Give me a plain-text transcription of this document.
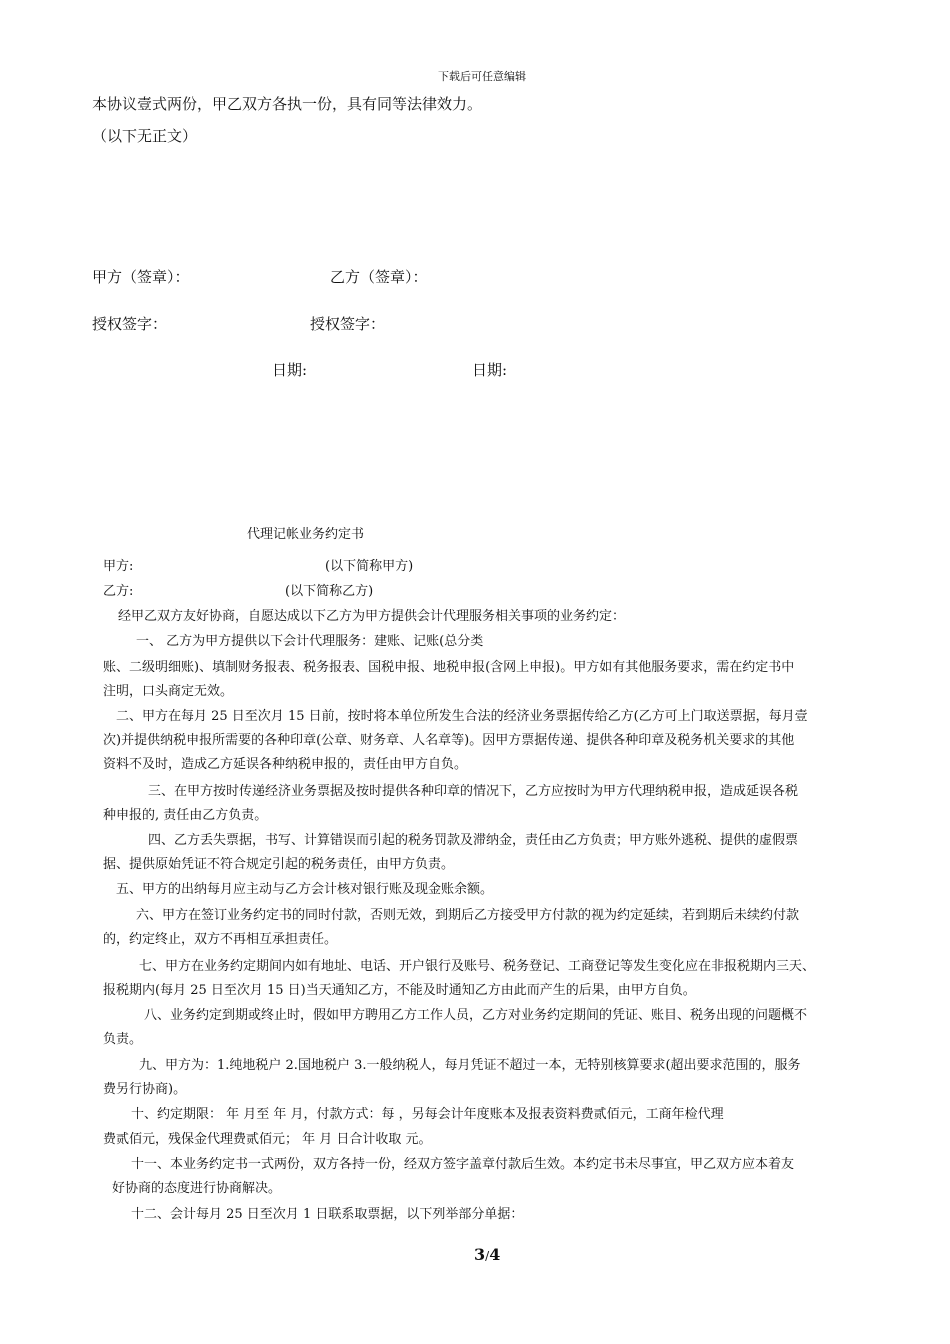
下载后可任意编辑
本协议壹式两份，甲乙双方各执一份，具有同等法律效力。
（以下无正文）
甲方（签章）：	乙方（签章）：
授权签字：	授权签字：
日期:	日期:
代理记帐业务约定书
甲方:	(以下简称甲方)
乙方:	(以下简称乙方)
经甲乙双方友好协商，自愿达成以下乙方为甲方提供会计代理服务相关事项的业务约定：
一、 乙方为甲方提供以下会计代理服务：建账、记账(总分类
账、二级明细账)、填制财务报表、税务报表、国税申报、地税申报(含网上申报)。甲方如有其他服务要求，需在约定书中
注明，口头商定无效。
二、甲方在每月 25 日至次月 15 日前，按时将本单位所发生合法的经济业务票据传给乙方(乙方可上门取送票据，每月壹
次)并提供纳税申报所需要的各种印章(公章、财务章、人名章等)。因甲方票据传递、提供各种印章及税务机关要求的其他
资料不及时，造成乙方延误各种纳税申报的，责任由甲方自负。
三、在甲方按时传递经济业务票据及按时提供各种印章的情况下，乙方应按时为甲方代理纳税申报，造成延误各税
种申报的, 责任由乙方负责。
四、乙方丢失票据，书写、计算错误而引起的税务罚款及滞纳金，责任由乙方负责；甲方账外逃税、提供的虚假票
据、提供原始凭证不符合规定引起的税务责任，由甲方负责。
五、甲方的出纳每月应主动与乙方会计核对银行账及现金账余额。
六、甲方在签订业务约定书的同时付款，否则无效，到期后乙方接受甲方付款的视为约定延续，若到期后未续约付款
的，约定终止，双方不再相互承担责任。
七、甲方在业务约定期间内如有地址、电话、开户银行及账号、税务登记、工商登记等发生变化应在非报税期内三天、
报税期内(每月 25 日至次月 15 日)当天通知乙方，不能及时通知乙方由此而产生的后果，由甲方自负。
八、业务约定到期或终止时，假如甲方聘用乙方工作人员，乙方对业务约定期间的凭证、账目、税务出现的问题概不
负责。
九、甲方为：1.纯地税户 2.国地税户 3.一般纳税人，每月凭证不超过一本，无特别核算要求(超出要求范围的，服务
费另行协商)。
十、约定期限： 年 月至 年 月，付款方式：每 ，另每会计年度账本及报表资料费贰佰元，工商年检代理
费贰佰元，残保金代理费贰佰元； 年 月 日合计收取 元。
十一、本业务约定书一式两份，双方各持一份，经双方签字盖章付款后生效。本约定书未尽事宜，甲乙双方应本着友
好协商的态度进行协商解决。
十二、会计每月 25 日至次月 1 日联系取票据，以下列举部分单据：
3/4
